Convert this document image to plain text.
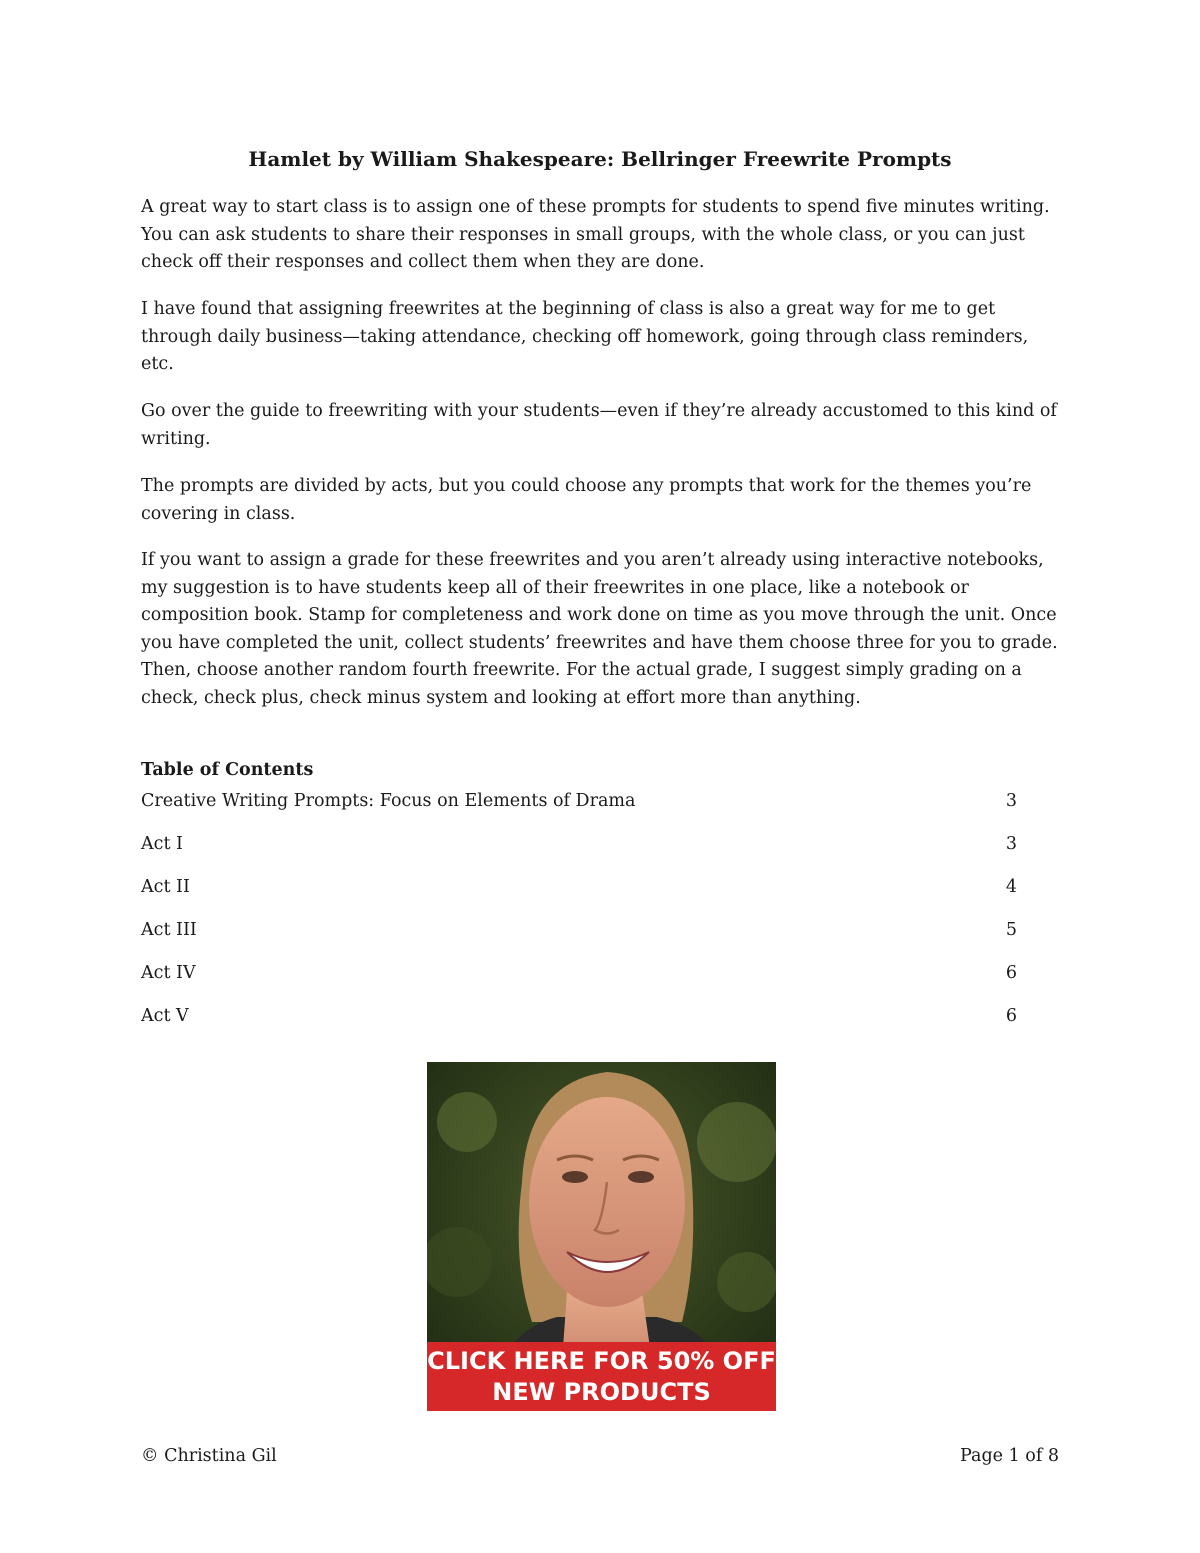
Hamlet by William Shakespeare: Bellringer Freewrite Prompts

A great way to start class is to assign one of these prompts for students to spend five minutes writing. You can ask students to share their responses in small groups, with the whole class, or you can just check off their responses and collect them when they are done.

I have found that assigning freewrites at the beginning of class is also a great way for me to get through daily business—taking attendance, checking off homework, going through class reminders, etc.

Go over the guide to freewriting with your students—even if they’re already accustomed to this kind of writing.

The prompts are divided by acts, but you could choose any prompts that work for the themes you’re covering in class.

If you want to assign a grade for these freewrites and you aren’t already using interactive notebooks, my suggestion is to have students keep all of their freewrites in one place, like a notebook or composition book. Stamp for completeness and work done on time as you move through the unit. Once you have completed the unit, collect students’ freewrites and have them choose three for you to grade. Then, choose another random fourth freewrite. For the actual grade, I suggest simply grading on a check, check plus, check minus system and looking at effort more than anything.

Table of Contents
Creative Writing Prompts: Focus on Elements of Drama	3
Act I	3
Act II	4
Act III	5
Act IV	6
Act V	6
CLICK HERE FOR 50% OFF
NEW PRODUCTS
© Christina Gil	Page 1 of 8
